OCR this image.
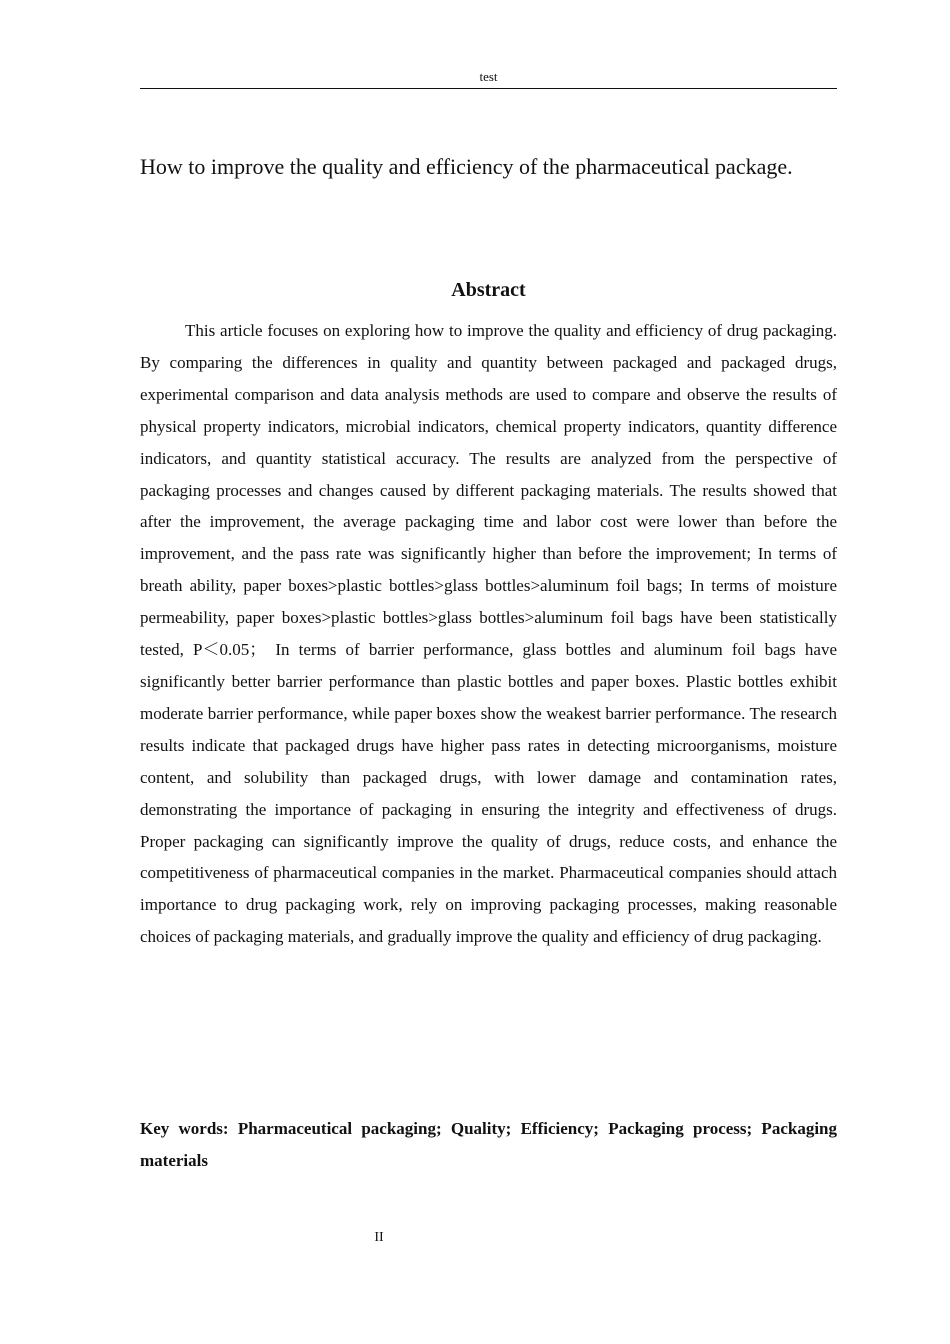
test
How to improve the quality and efficiency of the pharmaceutical package.
Abstract

This article focuses on exploring how to improve the quality and efficiency of drug packaging. By comparing the differences in quality and quantity between packaged and packaged drugs, experimental comparison and data analysis methods are used to compare and observe the results of physical property indicators, microbial indicators, chemical property indicators, quantity difference indicators, and quantity statistical accuracy. The results are analyzed from the perspective of packaging processes and changes caused by different packaging materials. The results showed that after the improvement, the average packaging time and labor cost were lower than before the improvement, and the pass rate was significantly higher than before the improvement; In terms of breath ability, paper boxes>plastic bottles>glass bottles>aluminum foil bags; In terms of moisture permeability, paper boxes>plastic bottles>glass bottles>aluminum foil bags have been statistically tested, P＜0.05； In terms of barrier performance, glass bottles and aluminum foil bags have significantly better barrier performance than plastic bottles and paper boxes. Plastic bottles exhibit moderate barrier performance, while paper boxes show the weakest barrier performance. The research results indicate that packaged drugs have higher pass rates in detecting microorganisms, moisture content, and solubility than packaged drugs, with lower damage and contamination rates, demonstrating the importance of packaging in ensuring the integrity and effectiveness of drugs. Proper packaging can significantly improve the quality of drugs, reduce costs, and enhance the competitiveness of pharmaceutical companies in the market. Pharmaceutical companies should attach importance to drug packaging work, rely on improving packaging processes, making reasonable choices of packaging materials, and gradually improve the quality and efficiency of drug packaging.

Key words: Pharmaceutical packaging; Quality; Efficiency; Packaging process; Packaging materials

II
